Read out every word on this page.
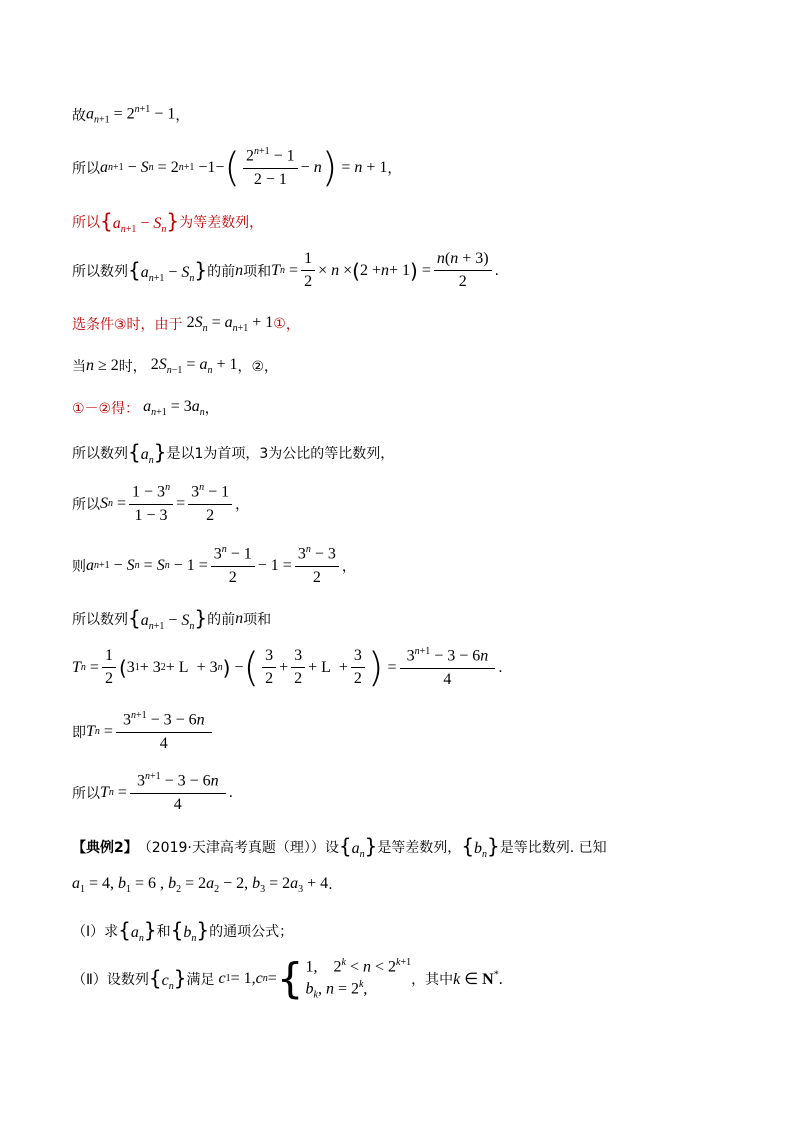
故 $a_{n+1} = 2^{n+1} - 1$ ，
所以 a n+1 − S n = 2 n+1 −1− ( $\frac{2^{n+1} - 1}{2 - 1} - n$ ) = n + 1 ，
所以 $\{a_{n+1} - S_n\}$ 为等差数列，
所以数列 $\{a_{n+1} - S_n\}$ 的前 n 项和 T $n = \frac{1}{2} \times n$ × ( 2 + n + 1 ) = $\frac{n(n + 3)}{2}$ .
选条件③时，由于 $2S_n = a_{n+1} + 1$ ① ，
当 n ≥ 2 时， $2S_{n-1} = a_n + 1$ ，②，
①－②得： $a_{n+1} = 3a_n$ ，
所以数列 $\{a_n\}$ 是以1为首项，3为公比的等比数列，
所以 S $n = \frac{1 - 3^n}{1 - 3} = \frac{3^n - 1}{2}$ ，
则 a n+1 − S n = S $n - 1 = \frac{3^n - 1}{2} - 1 = \frac{3^n - 3}{2}$ ，
所以数列 $\{a_{n+1} - S_n\}$ 的前 n 项和
T $n = \frac{1}{2}$ ( 3 1 + 3 2 + L  + 3 n ) − ( $\frac{3}{2} + \frac{3}{2} + L + \frac{3}{2}$ ) = $\frac{3^{n+1} - 3 - 6n}{4}$ .
即 T $n = \frac{3^{n+1} - 3 - 6n}{4}$
所以 T $n = \frac{3^{n+1} - 3 - 6n}{4}$ .
【典例2】 （2019·天津高考真题（理））设 $\{a_n\}$ 是等差数列， $\{b_n\}$ 是等比数列. 已知
$a_1 = 4$, $b_1 = 6$ , $b_2 = 2a_2 - 2$, $b_3 = 2a_3 + 4$ .
（Ⅰ）求 $\{a_n\}$ 和 $\{b_n\}$ 的通项公式；
（Ⅱ）设数列 $\{c_n\}$ 满足
c 1 = 1, c n = { 1,    $2^k < n < 2^{k+1}$
$b_k$, $n = 2^k$,
，其中 k ∈ N*.
